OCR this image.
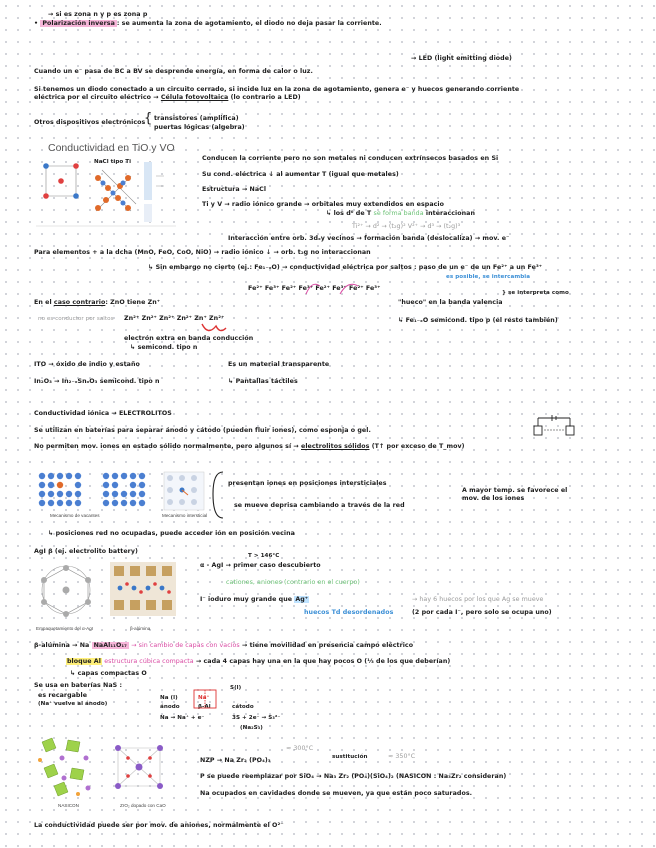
→ si es zona n y p es zona p
• Polarización inversa : se aumenta la zona de agotamiento, el diodo no deja pasar la corriente.
→ LED (light emitting diode)
Cuando un e⁻ pasa de BC a BV se desprende energía, en forma de calor o luz.
Si tenemos un diodo conectado a un circuito cerrado, si incide luz en la zona de agotamiento, genera e⁻ y huecos generando corriente
eléctrica por el circuito eléctrico → Célula fotovoltaica (lo contrario a LED)
Otros dispositivos electrónicos
{ transistores (amplifica)
puertas lógicas (algebra)
Conductividad en TiO y VO
NaCl tipo Ti	Conducen la corriente pero no son metales ni conducen extrínsecos basados en Si
Su cond. eléctrica ↓ al aumentar T (igual que metales)
Estructura → NaCl
Ti y V → radio iónico grande → orbitales muy extendidos en espacio
↳ los d⁰ de T se forma banda interaccionan
Ti²⁺ → d² → (t₂g)² V²⁺ → d³ → (t₂g)³
Interacción entre orb. 3dₓy vecinos → formación banda (deslocaliza) → mov. e⁻
Para elementos + a la dcha (MnO, FeO, CoO, NiO) → radio iónico ↓ → orb. t₂g no interaccionan
↳ Sin embargo no cierto (ej.: Fe₁₋ₓO) → conductividad eléctrica por saltos : paso de un e⁻ de un Fe²⁺ a un Fe³⁺
es posible, se intercambia
Fe²⁺ Fe³⁺ Fe²⁺ Fe³⁺ Fe²⁺ Fe³⁺ Fe²⁺ Fe³⁺
} se interpreta como
En el caso contrario: ZnO tiene Zn⁺	"hueco" en la banda valencia
no es conductor por saltos Zn²⁺ Zn²⁺ Zn²⁺ Zn²⁺ Zn⁺ Zn²⁺	↳ Fe₁₋ₓO semicond. tipo p (el resto también)
electrón extra en banda conducción
↳ semicond. tipo n
ITO → óxido de indio y estaño
In₂O₃ → In₂₋ₓSnₓO₃ semicond. tipo n
Es un material transparente
↳ Pantallas táctiles
Conductividad iónica → ELECTROLITOS
Se utilizan en baterías para separar ánodo y cátodo (pueden fluir iones), como esponja o gel.
No permiten mov. iones en estado sólido normalmente, pero algunos sí → electrolitos sólidos (T↑ por exceso de T_mov)
Mecanismo de vacantes	Mecanismo intersticial
presentan iones en posiciones intersticiales
se mueve deprisa cambiando a través de la red
A mayor temp. se favorece el mov. de los iones
↳ posiciones red no ocupadas, puede acceder ión en posición vecina
AgI β (ej. electrolito battery)
T > 146°C
α - AgI → primer caso descubierto
cationes, aniones (contrario en el cuerpo)
I⁻ ioduro muy grande que Ag⁺
huecos Td desordenados
→ hay 6 huecos por los que Ag se mueve
(2 por cada I⁻, pero solo se ocupa uno)
Empaquetamiento del α-AgI	β-alúmina
β-alúmina → Na NaAl₁₁O₁₇ → sin cambio de capas con vacíos → tiene movilidad en presencia campo eléctrico
bloque Al estructura cúbica compacta → cada 4 capas hay una en la que hay pocos O (⅓ de los que deberían)
↳ capas compactas O
Se usa en baterías NaS :
es recargable
(Na⁺ vuelve al ánodo)
Na (l)
ánodo
Na → Na⁺ + e⁻
Na⁺
β-Al
S(l)
cátodo
3S + 2e⁻ → S₃²⁻
(Na₂S₃)
NASICON	ZrO₂ dopado con CaO
≈ 300°C
NZP → Na Zr₂ (PO₄)₃	sustitución	≈ 350°C
P se puede reemplazar por SiO₄ → Na₃ Zr₂ (PO₄)(SiO₄)₂ (NASICON : Na₃Zr₂ consideran)
Na ocupados en cavidades donde se mueven, ya que están poco saturados.
La conductividad puede ser por mov. de aniones, normalmente el O²⁻
